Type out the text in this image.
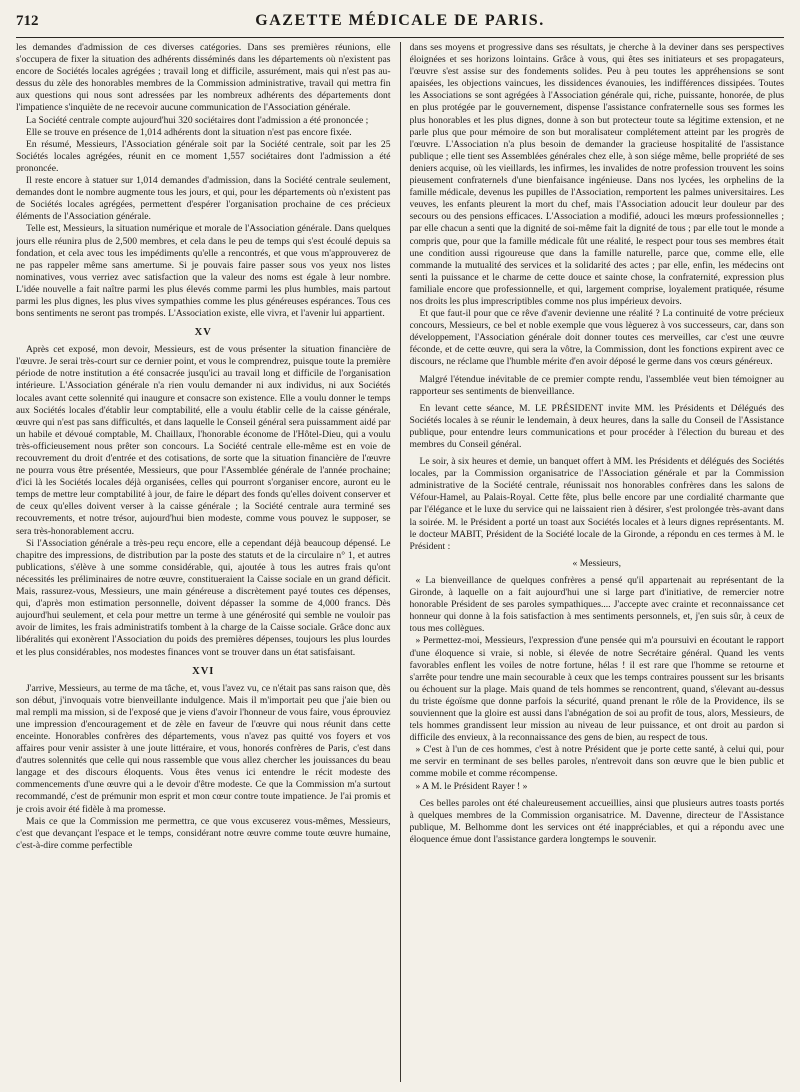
712	GAZETTE MÉDICALE DE PARIS.

les demandes d'admission de ces diverses catégories. Dans ses premières réunions, elle s'occupera de fixer la situation des adhérents disséminés dans les départements où n'existent pas encore de Sociétés locales agrégées ; travail long et difficile, assurément, mais qui n'est pas au-dessus du zèle des honorables membres de la Commission administrative, travail qui mettra fin aux questions qui nous sont adressées par les nombreux adhérents des départements dont l'impatience s'inquiète de ne recevoir aucune communication de l'Association générale.

La Société centrale compte aujourd'hui 320 sociétaires dont l'admission a été prononcée ;

Elle se trouve en présence de 1,014 adhérents dont la situation n'est pas encore fixée.

En résumé, Messieurs, l'Association générale soit par la Société centrale, soit par les 25 Sociétés locales agrégées, réunit en ce moment 1,557 sociétaires dont l'admission a été prononcée.

Il reste encore à statuer sur 1,014 demandes d'admission, dans la Société centrale seulement, demandes dont le nombre augmente tous les jours, et qui, pour les départements où n'existent pas de Sociétés locales agrégées, permettent d'espérer l'organisation prochaine de ces précieux éléments de l'Association générale.

Telle est, Messieurs, la situation numérique et morale de l'Association générale. Dans quelques jours elle réunira plus de 2,500 membres, et cela dans le peu de temps qui s'est écoulé depuis sa fondation, et cela avec tous les impédiments qu'elle a rencontrés, et que vous m'approuverez de ne pas rappeler même sans amertume. Si je pouvais faire passer sous vos yeux nos listes nominatives, vous verriez avec satisfaction que la valeur des noms est égale à leur nombre. L'idée nouvelle a fait naître parmi les plus élevés comme parmi les plus humbles, mais partout parmi les plus dignes, les plus vives sympathies comme les plus généreuses espérances. Tous ces bons sentiments ne seront pas trompés. L'Association existe, elle vivra, et l'avenir lui appartient.

XV

Après cet exposé, mon devoir, Messieurs, est de vous présenter la situation financière de l'œuvre. Je serai très-court sur ce dernier point, et vous le comprendrez, puisque toute la première période de notre institution a été consacrée jusqu'ici au travail long et difficile de l'organisation intérieure. L'Association générale n'a rien voulu demander ni aux individus, ni aux Sociétés locales avant cette solennité qui inaugure et consacre son existence. Elle a voulu donner le temps aux Sociétés locales d'établir leur comptabilité, elle a voulu établir celle de la caisse générale, œuvre qui n'est pas sans difficultés, et dans laquelle le Conseil général sera puissamment aidé par un habile et dévoué comptable, M. Chaillaux, l'honorable économe de l'Hôtel-Dieu, qui a voulu très-officieusement nous prêter son concours. La Société centrale elle-même est en voie de recouvrement du droit d'entrée et des cotisations, de sorte que la situation financière de l'œuvre ne pourra vous être présentée, Messieurs, que pour l'Assemblée générale de l'année prochaine; d'ici là les Sociétés locales déjà organisées, celles qui pourront s'organiser encore, auront eu le temps de mettre leur comptabilité à jour, de faire le départ des fonds qu'elles doivent conserver et de ceux qu'elles doivent verser à la caisse générale ; la Société centrale aura terminé ses recouvrements, et notre trésor, aujourd'hui bien modeste, comme vous pouvez le supposer, se sera très-honorablement accru.

Si l'Association générale a très-peu reçu encore, elle a cependant déjà beaucoup dépensé. Le chapitre des impressions, de distribution par la poste des statuts et de la circulaire n° 1, et autres publications, s'élève à une somme considérable, qui, ajoutée à tous les autres frais qu'ont nécessités les préliminaires de notre œuvre, constitueraient la Caisse sociale en un grand déficit. Mais, rassurez-vous, Messieurs, une main généreuse a discrètement payé toutes ces dépenses, qui, d'après mon estimation personnelle, doivent dépasser la somme de 4,000 francs. Dès aujourd'hui seulement, et cela pour mettre un terme à une générosité qui semble ne vouloir pas avoir de limites, les frais administratifs tombent à la charge de la Caisse sociale. Grâce donc aux libéralités qui exonèrent l'Association du poids des premières dépenses, toujours les plus lourdes et les plus considérables, nos modestes finances vont se trouver dans un état satisfaisant.

XVI

J'arrive, Messieurs, au terme de ma tâche, et, vous l'avez vu, ce n'était pas sans raison que, dès son début, j'invoquais votre bienveillante indulgence. Mais il m'importait peu que j'aie bien ou mal rempli ma mission, si de l'exposé que je viens d'avoir l'honneur de vous faire, vous éprouviez une impression d'encouragement et de zèle en faveur de l'œuvre qui nous réunit dans cette enceinte. Honorables confrères des départements, vous n'avez pas quitté vos foyers et vos affaires pour venir assister à une joute littéraire, et vous, honorés confrères de Paris, c'est dans d'autres solennités que celle qui nous rassemble que vous allez chercher les jouissances du beau langage et des discours éloquents. Vous êtes venus ici entendre le récit modeste des commencements d'une œuvre qui a le devoir d'être modeste. Ce que la Commission m'a surtout recommandé, c'est de prémunir mon esprit et mon cœur contre toute impatience. Je l'ai promis et je crois avoir été fidèle à ma promesse.

Mais ce que la Commission me permettra, ce que vous excuserez vous-mêmes, Messieurs, c'est que devançant l'espace et le temps, considérant notre œuvre comme toute œuvre humaine, c'est-à-dire comme perfectible

dans ses moyens et progressive dans ses résultats, je cherche à la deviner dans ses perspectives éloignées et ses horizons lointains. Grâce à vous, qui êtes ses initiateurs et ses propagateurs, l'œuvre s'est assise sur des fondements solides. Peu à peu toutes les appréhensions se sont apaisées, les objections vaincues, les dissidences évanouies, les indifférences dissipées. Toutes les Associations se sont agrégées à l'Association générale qui, riche, puissante, honorée, de plus en plus protégée par le gouvernement, dispense l'assistance confraternelle sous ses formes les plus honorables et les plus dignes, donne à son but protecteur toute sa légitime extension, et ne parle plus que pour mémoire de son but moralisateur complétement atteint par les progrès de l'œuvre. L'Association n'a plus besoin de demander la gracieuse hospitalité de l'assistance publique ; elle tient ses Assemblées générales chez elle, à son siége même, belle propriété de ses deniers acquise, où les vieillards, les infirmes, les invalides de notre profession trouvent les soins pieusement confraternels d'une bienfaisance ingénieuse. Dans nos lycées, les orphelins de la famille médicale, devenus les pupilles de l'Association, remportent les palmes universitaires. Les veuves, les enfants pleurent la mort du chef, mais l'Association adoucit leur douleur par des secours ou des pensions efficaces. L'Association a modifié, adouci les mœurs professionnelles ; par elle chacun a senti que la dignité de soi-même fait la dignité de tous ; par elle tout le monde a compris que, pour que la famille médicale fût une réalité, le respect pour tous ses membres était une condition aussi rigoureuse que dans la famille naturelle, parce que, comme elle, elle commande la mutualité des services et la solidarité des actes ; par elle, enfin, les médecins ont senti la puissance et le charme de cette douce et sainte chose, la confraternité, expression plus familiale encore que professionnelle, et qui, largement comprise, loyalement pratiquée, résume nos droits les plus imprescriptibles comme nos plus impérieux devoirs.

Et que faut-il pour que ce rêve d'avenir devienne une réalité ? La continuité de votre précieux concours, Messieurs, ce bel et noble exemple que vous lèguerez à vos successeurs, car, dans son développement, l'Association générale doit donner toutes ces merveilles, car c'est une œuvre féconde, et de cette œuvre, qui sera la vôtre, la Commission, dont les fonctions expirent avec ce discours, ne réclame que l'humble mérite d'en avoir déposé le germe dans vos cœurs généreux.

Malgré l'étendue inévitable de ce premier compte rendu, l'assemblée veut bien témoigner au rapporteur ses sentiments de bienveillance.

En levant cette séance, M. LE PRÉSIDENT invite MM. les Présidents et Délégués des Sociétés locales à se réunir le lendemain, à deux heures, dans la salle du Conseil de l'Assistance publique, pour entendre leurs communications et pour procéder à l'élection du bureau et des membres du Conseil général.

Le soir, à six heures et demie, un banquet offert à MM. les Présidents et délégués des Sociétés locales, par la Commission organisatrice de l'Association générale et par la Commission administrative de la Société centrale, réunissait nos honorables confrères dans les salons de Véfour-Hamel, au Palais-Royal. Cette fête, plus belle encore par une cordialité charmante que par l'élégance et le luxe du service qui ne laissaient rien à désirer, s'est prolongée très-avant dans la soirée. M. le Président a porté un toast aux Sociétés locales et à leurs dignes représentants. M. le docteur MABIT, Président de la Société locale de la Gironde, a répondu en ces termes à M. le Président :

« Messieurs,

« La bienveillance de quelques confrères a pensé qu'il appartenait au représentant de la Gironde, à laquelle on a fait aujourd'hui une si large part d'initiative, de remercier notre honorable Président de ses paroles sympathiques.... J'accepte avec crainte et reconnaissance cet honneur qui donne à la fois satisfaction à mes sentiments personnels, et, j'en suis sûr, à ceux de tous mes collègues.

» Permettez-moi, Messieurs, l'expression d'une pensée qui m'a poursuivi en écoutant le rapport d'une éloquence si vraie, si noble, si élevée de notre Secrétaire général. Quand les vents favorables enflent les voiles de notre fortune, hélas ! il est rare que l'homme se retourne et s'arrête pour tendre une main secourable à ceux que les temps contraires poussent sur les brisants ou échouent sur la plage. Mais quand de tels hommes se rencontrent, quand, s'élevant au-dessus du triste égoïsme que donne parfois la sécurité, quand prenant le rôle de la Providence, ils se souviennent que la gloire est aussi dans l'abnégation de soi au profit de tous, alors, Messieurs, de tels hommes grandissent leur mission au niveau de leur puissance, et ont droit au pardon si difficile des envieux, à la reconnaissance des gens de bien, au respect de tous.

» C'est à l'un de ces hommes, c'est à notre Président que je porte cette santé, à celui qui, pour me servir en terminant de ses belles paroles, n'entrevoit dans son œuvre que le bien public et comme mobile et comme récompense.

» A M. le Président Rayer ! »

Ces belles paroles ont été chaleureusement accueillies, ainsi que plusieurs autres toasts portés à quelques membres de la Commission organisatrice. M. Davenne, directeur de l'Assistance publique, M. Belhomme dont les services ont été inappréciables, et qui a répondu avec une éloquence émue dont l'assistance gardera longtemps le souvenir.
